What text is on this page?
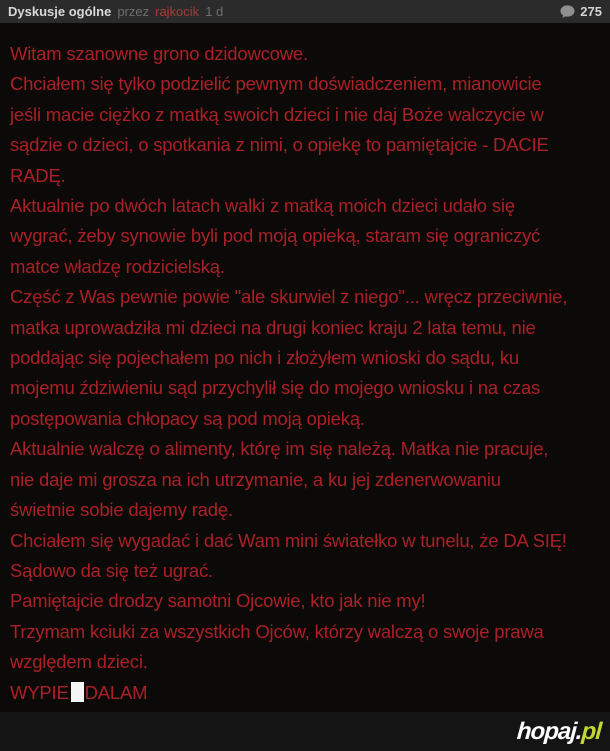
Dyskusje ogólne przez rajkocik 1 d	275
Witam szanowne grono dzidowcowe.
Chciałem się tylko podzielić pewnym doświadczeniem, mianowicie
jeśli macie ciężko z matką swoich dzieci i nie daj Boże walczycie w
sądzie o dzieci, o spotkania z nimi, o opiekę to pamiętajcie - DACIE
RADĘ.
Aktualnie po dwóch latach walki z matką moich dzieci udało się
wygrać, żeby synowie byli pod moją opieką, staram się ograniczyć
matce władzę rodzicielską.
Część z Was pewnie powie "ale skurwiel z niego"... wręcz przeciwnie,
matka uprowadziła mi dzieci na drugi koniec kraju 2 lata temu, nie
poddając się pojechałem po nich i złożyłem wnioski do sądu, ku
mojemu ździwieniu sąd przychylił się do mojego wniosku i na czas
postępowania chłopacy są pod moją opieką.
Aktualnie walczę o alimenty, którę im się należą. Matka nie pracuje,
nie daje mi grosza na ich utrzymanie, a ku jej zdenerwowaniu
świetnie sobie dajemy radę.
Chciałem się wygadać i dać Wam mini światełko w tunelu, że DA SIĘ!
Sądowo da się też ugrać.
Pamiętajcie drodzy samotni Ojcowie, kto jak nie my!
Trzymam kciuki za wszystkich Ojców, którzy walczą o swoje prawa
względem dzieci.
WYPIE DALAM
hopaj.pl
